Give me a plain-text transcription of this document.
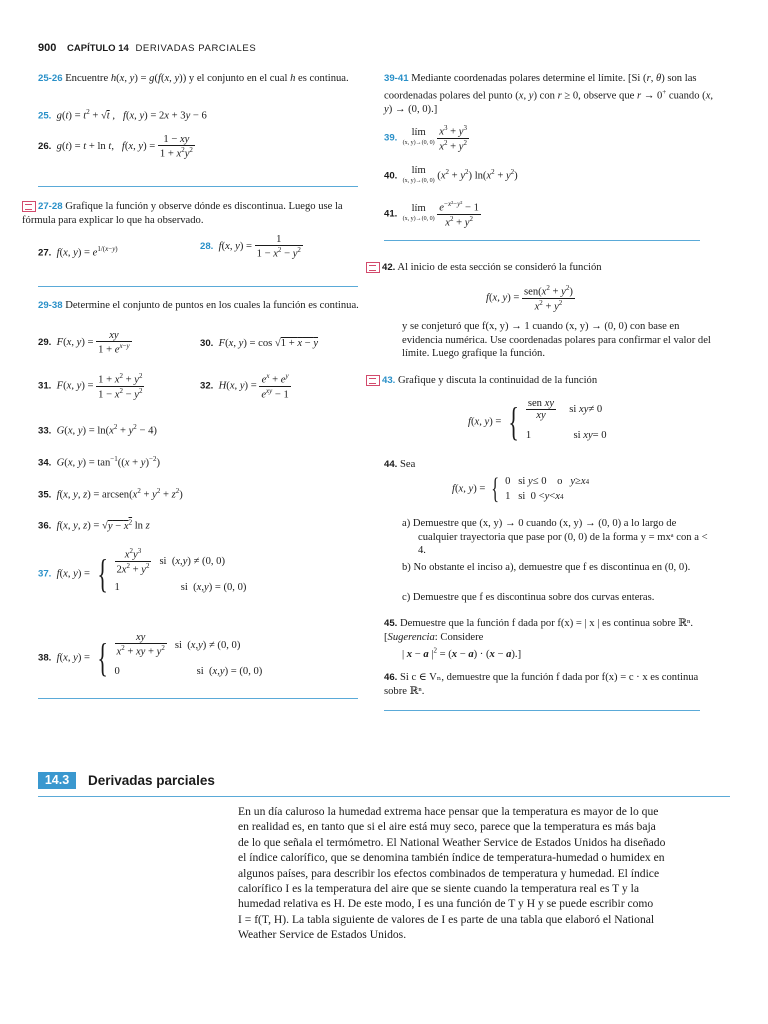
900 CAPÍTULO 14 DERIVADAS PARCIALES
25-26 Encuentre h(x, y) = g(f(x, y)) y el conjunto en el cual h es continua.
25. $g(t) = t^2 + √t$ ,   f(x, y) = 2x + 3y − 6
26. g(t) = t + ln t,   f(x, $y) = \frac{1 - xy}{1 + x^2y^2}$
27-28 Grafique la función y observe dónde es discontinua. Luego use la fórmula para explicar lo que ha observado.
27. f(x, $y) = e^{1/(x-y)}$	28. f(x, $y) = \frac{1}{1 - x^2 - y^2}$
29-38 Determine el conjunto de puntos en los cuales la función es continua.
29. F(x, $y) = \frac{xy}{1 + e^{x-y}}$	30. F(x, y) = cos √1 + x − y
31. F(x, $y) = \frac{1 + x^2 + y^2}{1 - x^2 - y^2}$	32. H(x, $y) = \frac{e^x + e^y}{e^{xy} - 1}$
33. G(x, $y) = \ln(x^2 + y^2 - 4)$
34. G(x, $y) = \tan^{-1}((x + y)^{-2})$
35. f(x, y, $z) = arcsen(x^2 + y^2 + z^2)$
36. f(x, y, $z) = √y - x^2$ ln z
37. f(x, y) = { $\frac{x^2y^3}{2x^2 + y^2}$
si ( x , y ) ≠ (0, 0)
1 si ( x , y ) = (0, 0)
38. f(x, y) = { $\frac{xy}{x^2 + xy + y^2}$
si ( x , y ) ≠ (0, 0)
0 si ( x , y ) = (0, 0)
39-41 Mediante coordenadas polares determine el límite. [Si (r, θ) son las coordenadas polares del punto (x, y) con r ≥ 0, observe que r → 0+ cuando (x, y) → (0, 0).]
39. lím
(x, y)→(0, 0)
$\frac{x^3 + y^3}{x^2 + y^2}$
40. lím
(x, y)→(0, 0) $(x^2 + y^2) \ln(x^2 + y^2)$
41. lím
(x, y)→(0, 0)
$\frac{e^{-x^2-y^2} - 1}{x^2 + y^2}$
42. Al inicio de esta sección se consideró la función
f(x, $y) = \frac{sen(x^2 + y^2)}{x^2 + y^2}$
y se conjeturó que f(x, y) → 1 cuando (x, y) → (0, 0) con base en evidencia numérica. Use coordenadas polares para confirmar el valor del límite. Luego grafique la función.
43. Grafique y discuta la continuidad de la función
f(x, y) = { $\frac{\text{sen xy}}{xy}$
si
xy ≠ 0
1 si
xy = 0
44. Sea
f(x, y) = { 0   si y ≤ 0    o y ≥ x 4
1   si  0 < y < x 4
a) Demuestre que (x, y) → 0 cuando (x, y) → (0, 0) a lo largo de cualquier trayectoria que pase por (0, 0) de la forma y = mxᵃ con a < 4.
b) No obstante el inciso a), demuestre que f es discontinua en (0, 0).
c) Demuestre que f es discontinua sobre dos curvas enteras.
45. Demuestre que la función f dada por f(x) = | x | es continua sobre ℝⁿ. [Sugerencia: Considere
| x − a $|^2 = (x - a) \cdot (x - a)$.]
46. Si c ∈ Vₙ, demuestre que la función f dada por f(x) = c · x es continua sobre ℝⁿ.
14.3	Derivadas parciales
En un día caluroso la humedad extrema hace pensar que la temperatura es mayor de lo que
en realidad es, en tanto que si el aire está muy seco, parece que la temperatura es más baja
de lo que señala el termómetro. El National Weather Service de Estados Unidos ha diseñado
el índice calorífico, que se denomina también índice de temperatura-humedad o humidex en
algunos países, para describir los efectos combinados de temperatura y humedad. El índice
calorífico I es la temperatura del aire que se siente cuando la temperatura real es T y la
humedad relativa es H. De este modo, I es una función de T y H y se puede escribir como
I = f(T, H). La tabla siguiente de valores de I es parte de una tabla que elaboró el National
Weather Service de Estados Unidos.
